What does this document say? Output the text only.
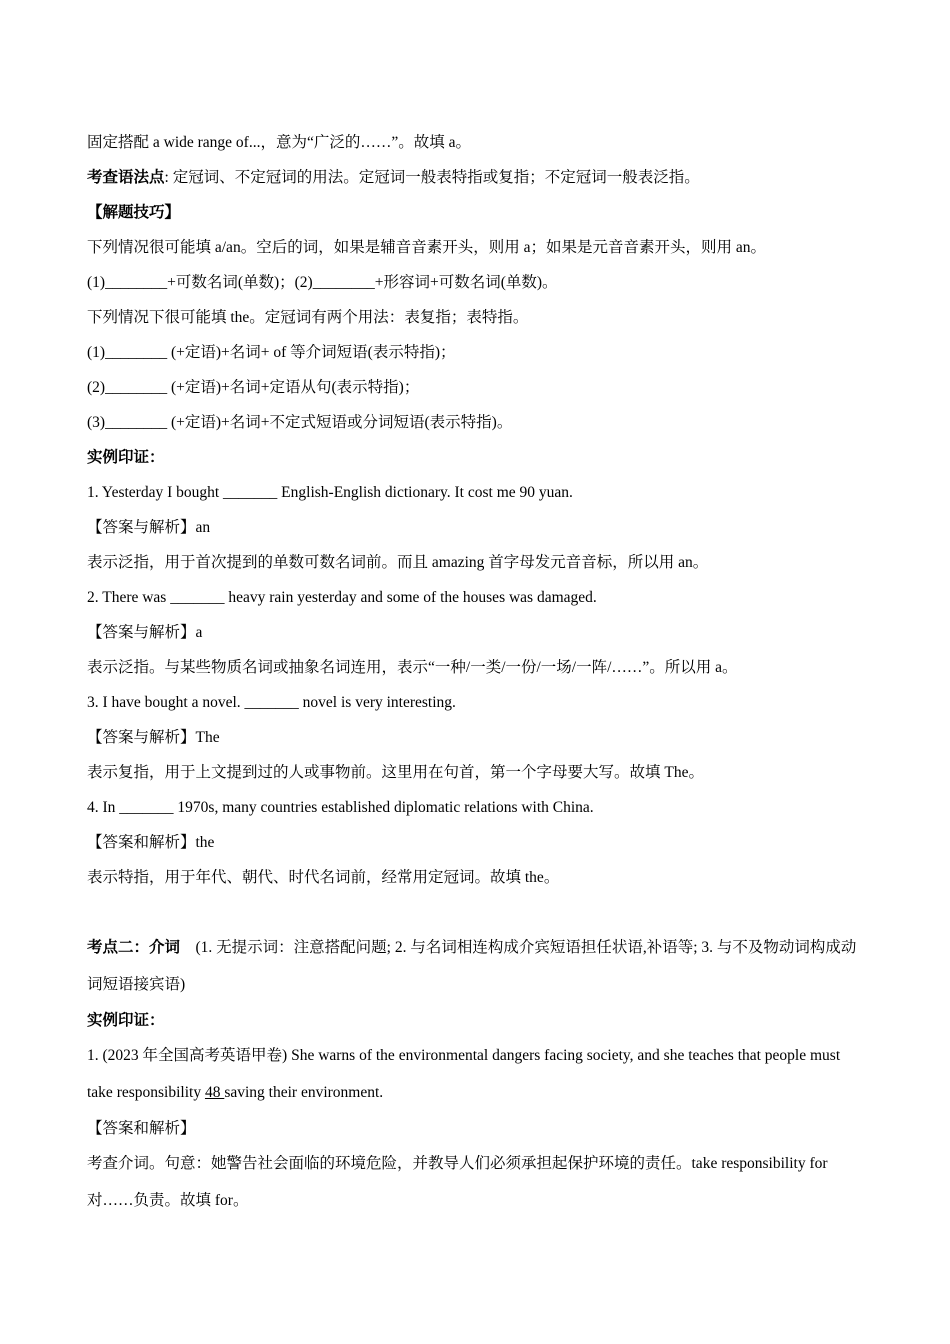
固定搭配 a wide range of...，意为“广泛的……”。故填 a。
考查语法点: 定冠词、不定冠词的用法。定冠词一般表特指或复指；不定冠词一般表泛指。
【解题技巧】
下列情况很可能填 a/an。空后的词，如果是辅音音素开头，则用 a；如果是元音音素开头，则用 an。
(1)________+可数名词(单数)；(2)________+形容词+可数名词(单数)。
下列情况下很可能填 the。定冠词有两个用法：表复指；表特指。
(1)________ (+定语)+名词+ of 等介词短语(表示特指)；
(2)________ (+定语)+名词+定语从句(表示特指)；
(3)________ (+定语)+名词+不定式短语或分词短语(表示特指)。
实例印证：
1. Yesterday I bought _______ English-English dictionary. It cost me 90 yuan.
【答案与解析】an
表示泛指，用于首次提到的单数可数名词前。而且 amazing 首字母发元音音标，所以用 an。
2. There was _______ heavy rain yesterday and some of the houses was damaged.
【答案与解析】a
表示泛指。与某些物质名词或抽象名词连用，表示“一种/一类/一份/一场/一阵/……”。所以用 a。
3. I have bought a novel. _______ novel is very interesting.
【答案与解析】The
表示复指，用于上文提到过的人或事物前。这里用在句首，第一个字母要大写。故填 The。
4. In _______ 1970s, many countries established diplomatic relations with China.
【答案和解析】the
表示特指，用于年代、朝代、时代名词前，经常用定冠词。故填 the。
考点二：介词 (1. 无提示词：注意搭配问题; 2. 与名词相连构成介宾短语担任状语,补语等; 3. 与不及物动词构成动词短语接宾语)
实例印证：
1. (2023 年全国高考英语甲卷) She warns of the environmental dangers facing society, and she teaches that people must take responsibility 48 saving their environment.
【答案和解析】
考查介词。句意：她警告社会面临的环境危险，并教导人们必须承担起保护环境的责任。take responsibility for 对……负责。故填 for。
